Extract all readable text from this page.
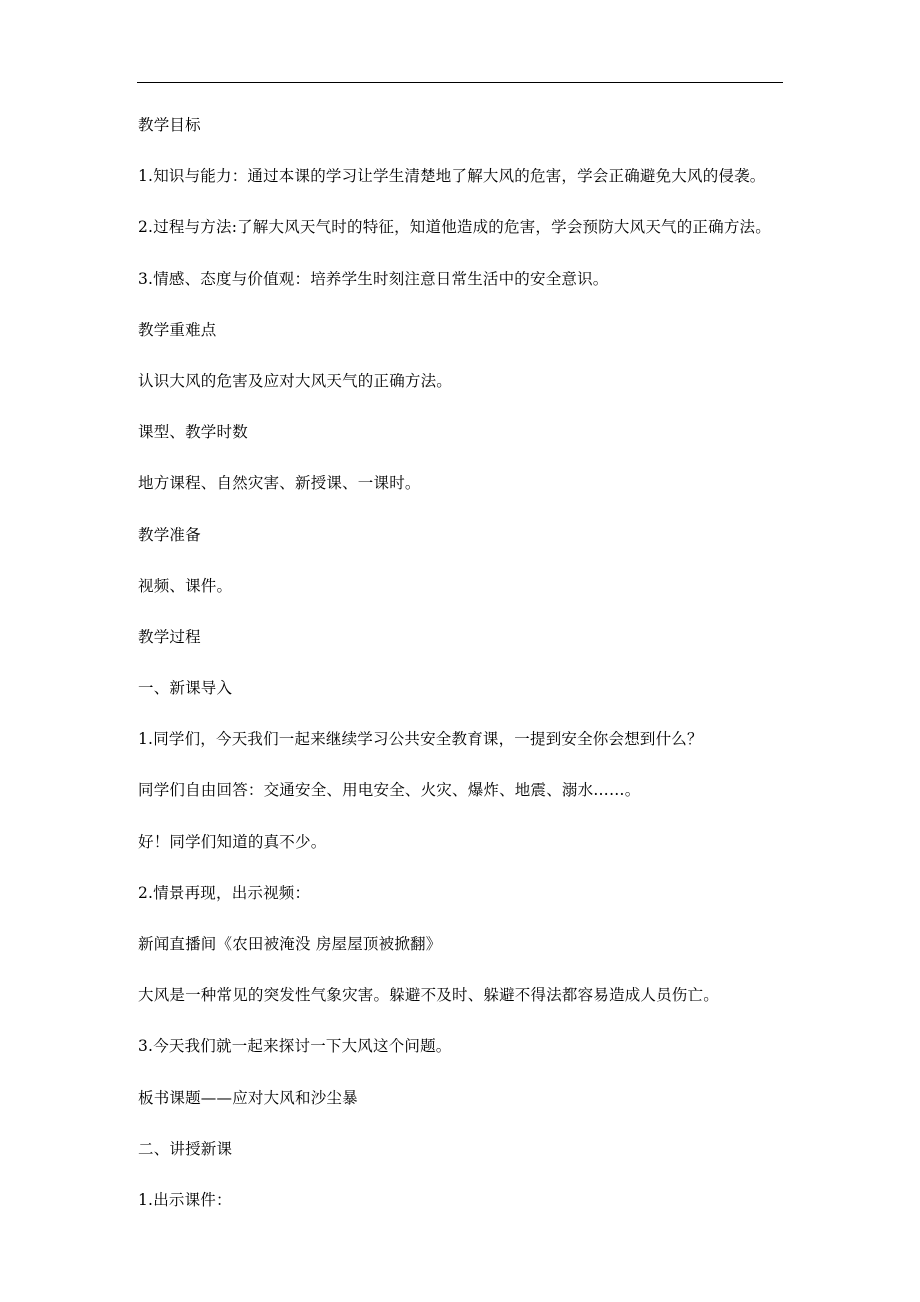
教学目标

1.知识与能力：通过本课的学习让学生清楚地了解大风的危害，学会正确避免大风的侵袭。

2.过程与方法:了解大风天气时的特征，知道他造成的危害，学会预防大风天气的正确方法。

3.情感、态度与价值观：培养学生时刻注意日常生活中的安全意识。

教学重难点

认识大风的危害及应对大风天气的正确方法。

课型、教学时数

地方课程、自然灾害、新授课、一课时。

教学准备

视频、课件。

教学过程

一、新课导入

1.同学们，今天我们一起来继续学习公共安全教育课，一提到安全你会想到什么？

同学们自由回答：交通安全、用电安全、火灾、爆炸、地震、溺水……。

好！同学们知道的真不少。

2.情景再现，出示视频：

新闻直播间《农田被淹没 房屋屋顶被掀翻》

大风是一种常见的突发性气象灾害。躲避不及时、躲避不得法都容易造成人员伤亡。

3.今天我们就一起来探讨一下大风这个问题。

板书课题——应对大风和沙尘暴

二、讲授新课

1.出示课件：
